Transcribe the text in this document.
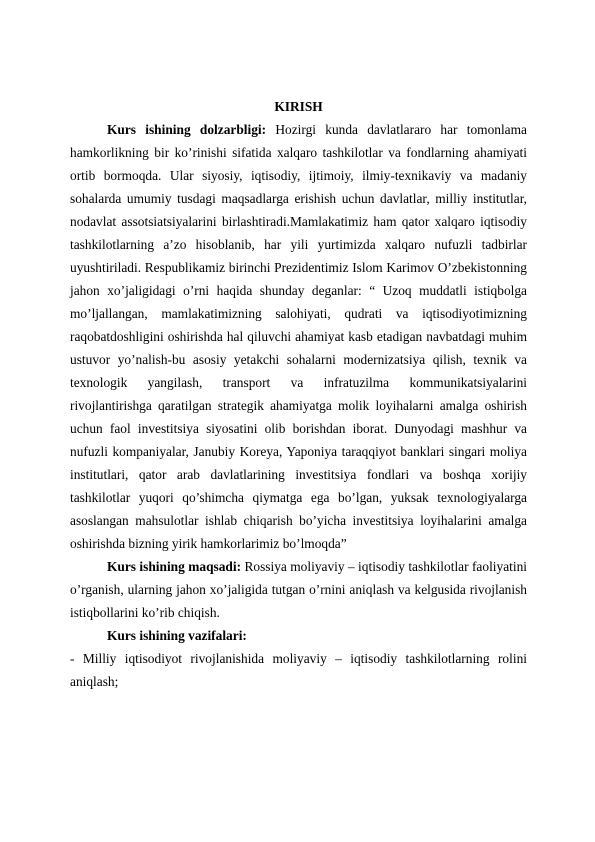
KIRISH

Kurs ishining dolzarbligi: Hozirgi kunda davlatlararo har tomonlama hamkorlikning bir ko’rinishi sifatida xalqaro tashkilotlar va fondlarning ahamiyati ortib bormoqda. Ular siyosiy, iqtisodiy, ijtimoiy, ilmiy-texnikaviy va madaniy sohalarda umumiy tusdagi maqsadlarga erishish uchun davlatlar, milliy institutlar, nodavlat assotsiatsiyalarini birlashtiradi.Mamlakatimiz ham qator xalqaro iqtisodiy tashkilotlarning a’zo hisoblanib, har yili yurtimizda xalqaro nufuzli tadbirlar uyushtiriladi. Respublikamiz birinchi Prezidentimiz Islom Karimov O’zbekistonning jahon xo’jaligidagi o’rni haqida shunday deganlar: “ Uzoq muddatli istiqbolga mo’ljallangan, mamlakatimizning salohiyati, qudrati va iqtisodiyotimizning raqobatdoshligini oshirishda hal qiluvchi ahamiyat kasb etadigan navbatdagi muhim ustuvor yo’nalish-bu asosiy yetakchi sohalarni modernizatsiya qilish, texnik va texnologik yangilash, transport va infratuzilma kommunikatsiyalarini rivojlantirishga qaratilgan strategik ahamiyatga molik loyihalarni amalga oshirish uchun faol investitsiya siyosatini olib borishdan iborat. Dunyodagi mashhur va nufuzli kompaniyalar, Janubiy Koreya, Yaponiya taraqqiyot banklari singari moliya institutlari, qator arab davlatlarining investitsiya fondlari va boshqa xorijiy tashkilotlar yuqori qo’shimcha qiymatga ega bo’lgan, yuksak texnologiyalarga asoslangan mahsulotlar ishlab chiqarish bo’yicha investitsiya loyihalarini amalga oshirishda bizning yirik hamkorlarimiz bo’lmoqda”

Kurs ishining maqsadi: Rossiya moliyaviy – iqtisodiy tashkilotlar faoliyatini o’rganish, ularning jahon xo’jaligida tutgan o’rnini aniqlash va kelgusida rivojlanish istiqbollarini ko’rib chiqish.

Kurs ishining vazifalari:

- Milliy iqtisodiyot rivojlanishida moliyaviy – iqtisodiy tashkilotlarning rolini aniqlash;
